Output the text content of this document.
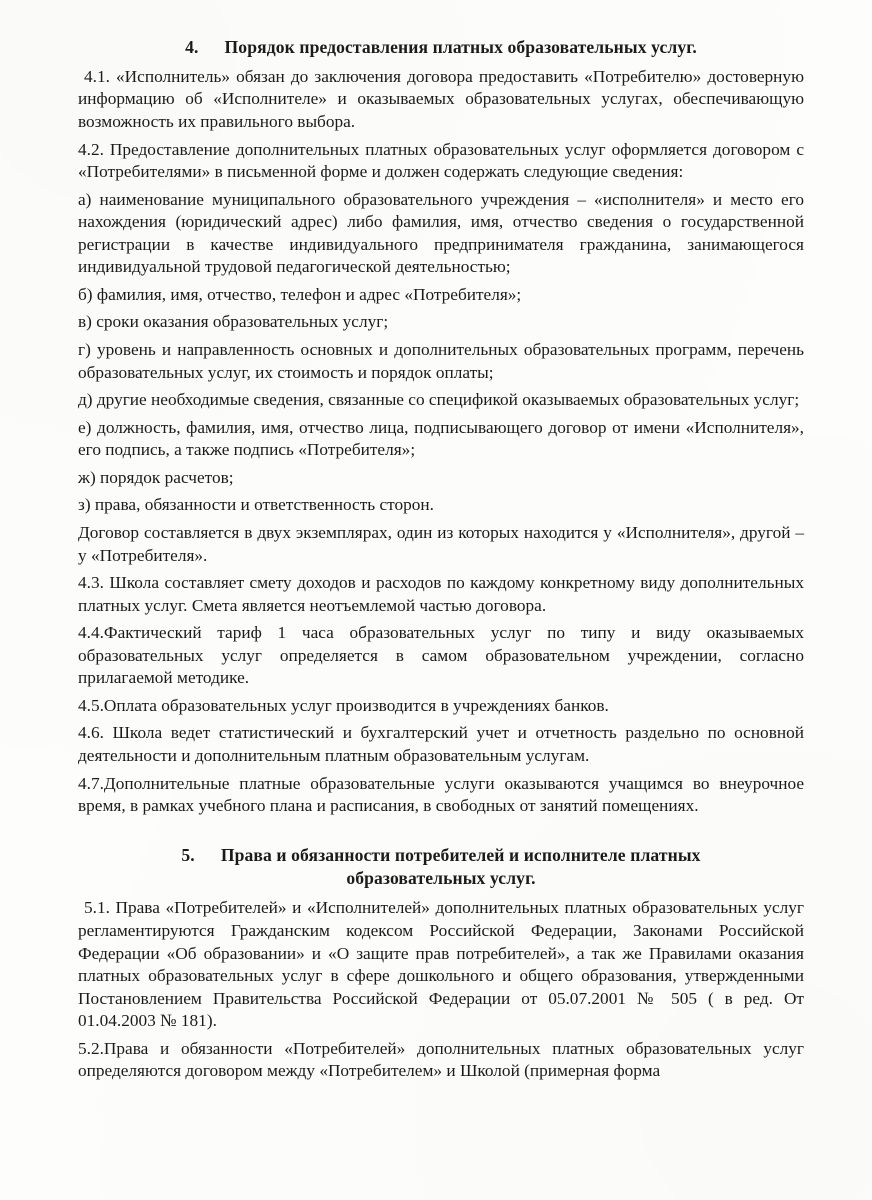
4. Порядок предоставления платных образовательных услуг.

4.1. «Исполнитель» обязан до заключения договора предоставить «Потребителю» достоверную информацию об «Исполнителе» и оказываемых образовательных услугах, обеспечивающую возможность их правильного выбора.

4.2. Предоставление дополнительных платных образовательных услуг оформляется договором с «Потребителями» в письменной форме и должен содержать следующие сведения:

а) наименование муниципального образовательного учреждения – «исполнителя» и место его нахождения (юридический адрес) либо фамилия, имя, отчество сведения о государственной регистрации в качестве индивидуального предпринимателя гражданина, занимающегося индивидуальной трудовой педагогической деятельностью;

б) фамилия, имя, отчество, телефон и адрес «Потребителя»;

в) сроки оказания образовательных услуг;

г) уровень и направленность основных и дополнительных образовательных программ, перечень образовательных услуг, их стоимость и порядок оплаты;

д) другие необходимые сведения, связанные со спецификой оказываемых образовательных услуг;

е) должность, фамилия, имя, отчество лица, подписывающего договор от имени «Исполнителя», его подпись, а также подпись «Потребителя»;

ж) порядок расчетов;

з) права, обязанности и ответственность сторон.

Договор составляется в двух экземплярах, один из которых находится у «Исполнителя», другой – у «Потребителя».

4.3. Школа составляет смету доходов и расходов по каждому конкретному виду дополнительных платных услуг. Смета является неотъемлемой частью договора.

4.4.Фактический тариф 1 часа образовательных услуг по типу и виду оказываемых образовательных услуг определяется в самом образовательном учреждении, согласно прилагаемой методике.

4.5.Оплата образовательных услуг производится в учреждениях банков.

4.6. Школа ведет статистический и бухгалтерский учет и отчетность раздельно по основной деятельности и дополнительным платным образовательным услугам.

4.7.Дополнительные платные образовательные услуги оказываются учащимся во внеурочное время, в рамках учебного плана и расписания, в свободных от занятий помещениях.

5. Права и обязанности потребителей и исполнителе платных образовательных услуг.

5.1. Права «Потребителей» и «Исполнителей» дополнительных платных образовательных услуг регламентируются Гражданским кодексом Российской Федерации, Законами Российской Федерации «Об образовании» и «О защите прав потребителей», а так же Правилами оказания платных образовательных услуг в сфере дошкольного и общего образования, утвержденными Постановлением Правительства Российской Федерации от 05.07.2001 № 505 ( в ред. От 01.04.2003 № 181).

5.2.Права и обязанности «Потребителей» дополнительных платных образовательных услуг определяются договором между «Потребителем» и Школой (примерная форма
